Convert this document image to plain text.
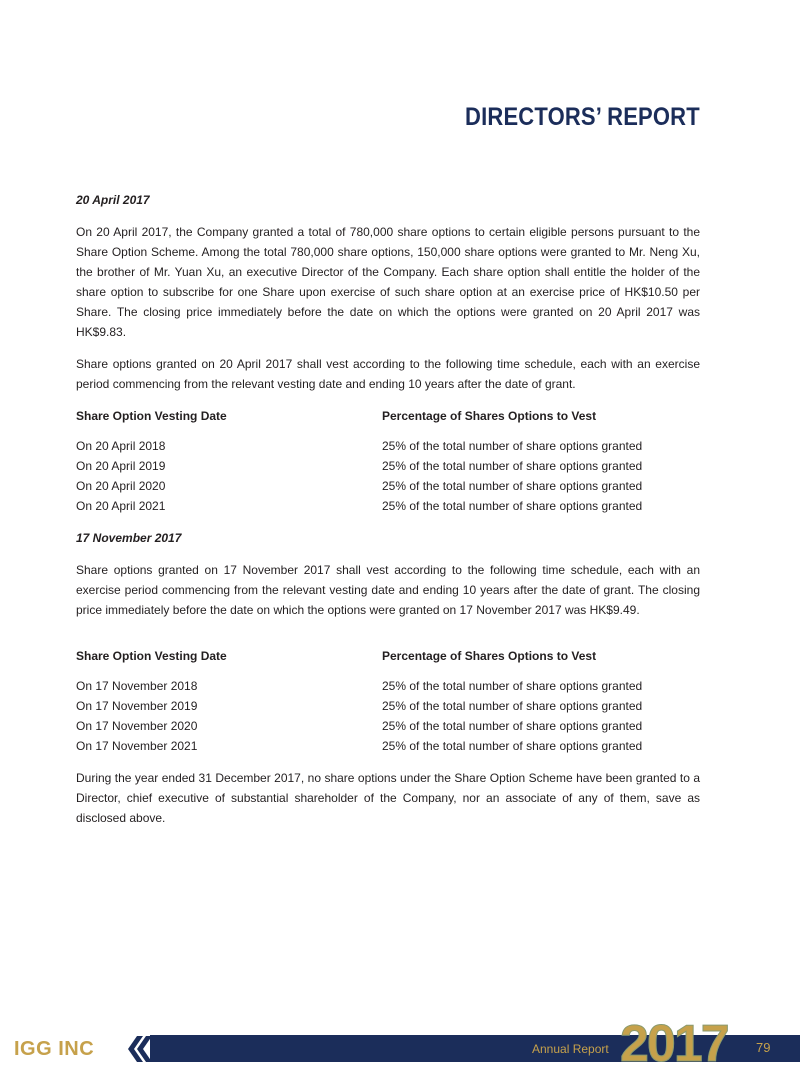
DIRECTORS’ REPORT

20 April 2017

On 20 April 2017, the Company granted a total of 780,000 share options to certain eligible persons pursuant to the Share Option Scheme. Among the total 780,000 share options, 150,000 share options were granted to Mr. Neng Xu, the brother of Mr. Yuan Xu, an executive Director of the Company. Each share option shall entitle the holder of the share option to subscribe for one Share upon exercise of such share option at an exercise price of HK$10.50 per Share. The closing price immediately before the date on which the options were granted on 20 April 2017 was HK$9.83.

Share options granted on 20 April 2017 shall vest according to the following time schedule, each with an exercise period commencing from the relevant vesting date and ending 10 years after the date of grant.

Share Option Vesting Date	Percentage of Shares Options to Vest
On 20 April 2018	25% of the total number of share options granted
On 20 April 2019	25% of the total number of share options granted
On 20 April 2020	25% of the total number of share options granted
On 20 April 2021	25% of the total number of share options granted

17 November 2017

Share options granted on 17 November 2017 shall vest according to the following time schedule, each with an exercise period commencing from the relevant vesting date and ending 10 years after the date of grant. The closing price immediately before the date on which the options were granted on 17 November 2017 was HK$9.49.

Share Option Vesting Date	Percentage of Shares Options to Vest
On 17 November 2018	25% of the total number of share options granted
On 17 November 2019	25% of the total number of share options granted
On 17 November 2020	25% of the total number of share options granted
On 17 November 2021	25% of the total number of share options granted

During the year ended 31 December 2017, no share options under the Share Option Scheme have been granted to a Director, chief executive of substantial shareholder of the Company, nor an associate of any of them, save as disclosed above.

IGG INC	Annual Report 2017 79
